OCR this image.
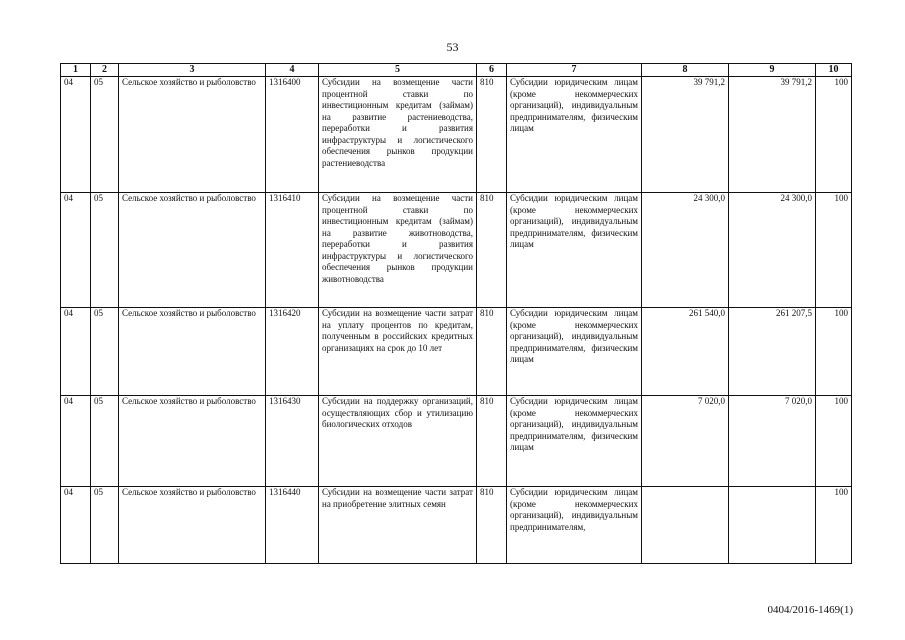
53
1	2	3	4	5	6	7	8	9	10
04	05	Сельское хозяйство и рыболовство	1316400	Субсидии на возмещение части процентной ставки по инвестиционным кредитам (займам) на развитие растениеводства, переработки и развития инфраструктуры и логистического обеспечения рынков продукции растениеводства	810	Субсидии юридическим лицам (кроме некоммерческих организаций), индивидуальным предпринимателям, физическим лицам	39 791,2	39 791,2	100
04	05	Сельское хозяйство и рыболовство	1316410	Субсидии на возмещение части процентной ставки по инвестиционным кредитам (займам) на развитие животноводства, переработки и развития инфраструктуры и логистического обеспечения рынков продукции животноводства	810	Субсидии юридическим лицам (кроме некоммерческих организаций), индивидуальным предпринимателям, физическим лицам	24 300,0	24 300,0	100
04	05	Сельское хозяйство и рыболовство	1316420	Субсидии на возмещение части затрат на уплату процентов по кредитам, полученным в российских кредитных организациях на срок до 10 лет	810	Субсидии юридическим лицам (кроме некоммерческих организаций), индивидуальным предпринимателям, физическим лицам	261 540,0	261 207,5	100
04	05	Сельское хозяйство и рыболовство	1316430	Субсидии на поддержку организаций, осуществляющих сбор и утилизацию биологических отходов	810	Субсидии юридическим лицам (кроме некоммерческих организаций), индивидуальным предпринимателям, физическим лицам	7 020,0	7 020,0	100
04	05	Сельское хозяйство и рыболовство	1316440	Субсидии на возмещение части затрат на приобретение элитных семян	810	Субсидии юридическим лицам (кроме некоммерческих организаций), индивидуальным предпринимателям,			100
0404/2016-1469(1)
